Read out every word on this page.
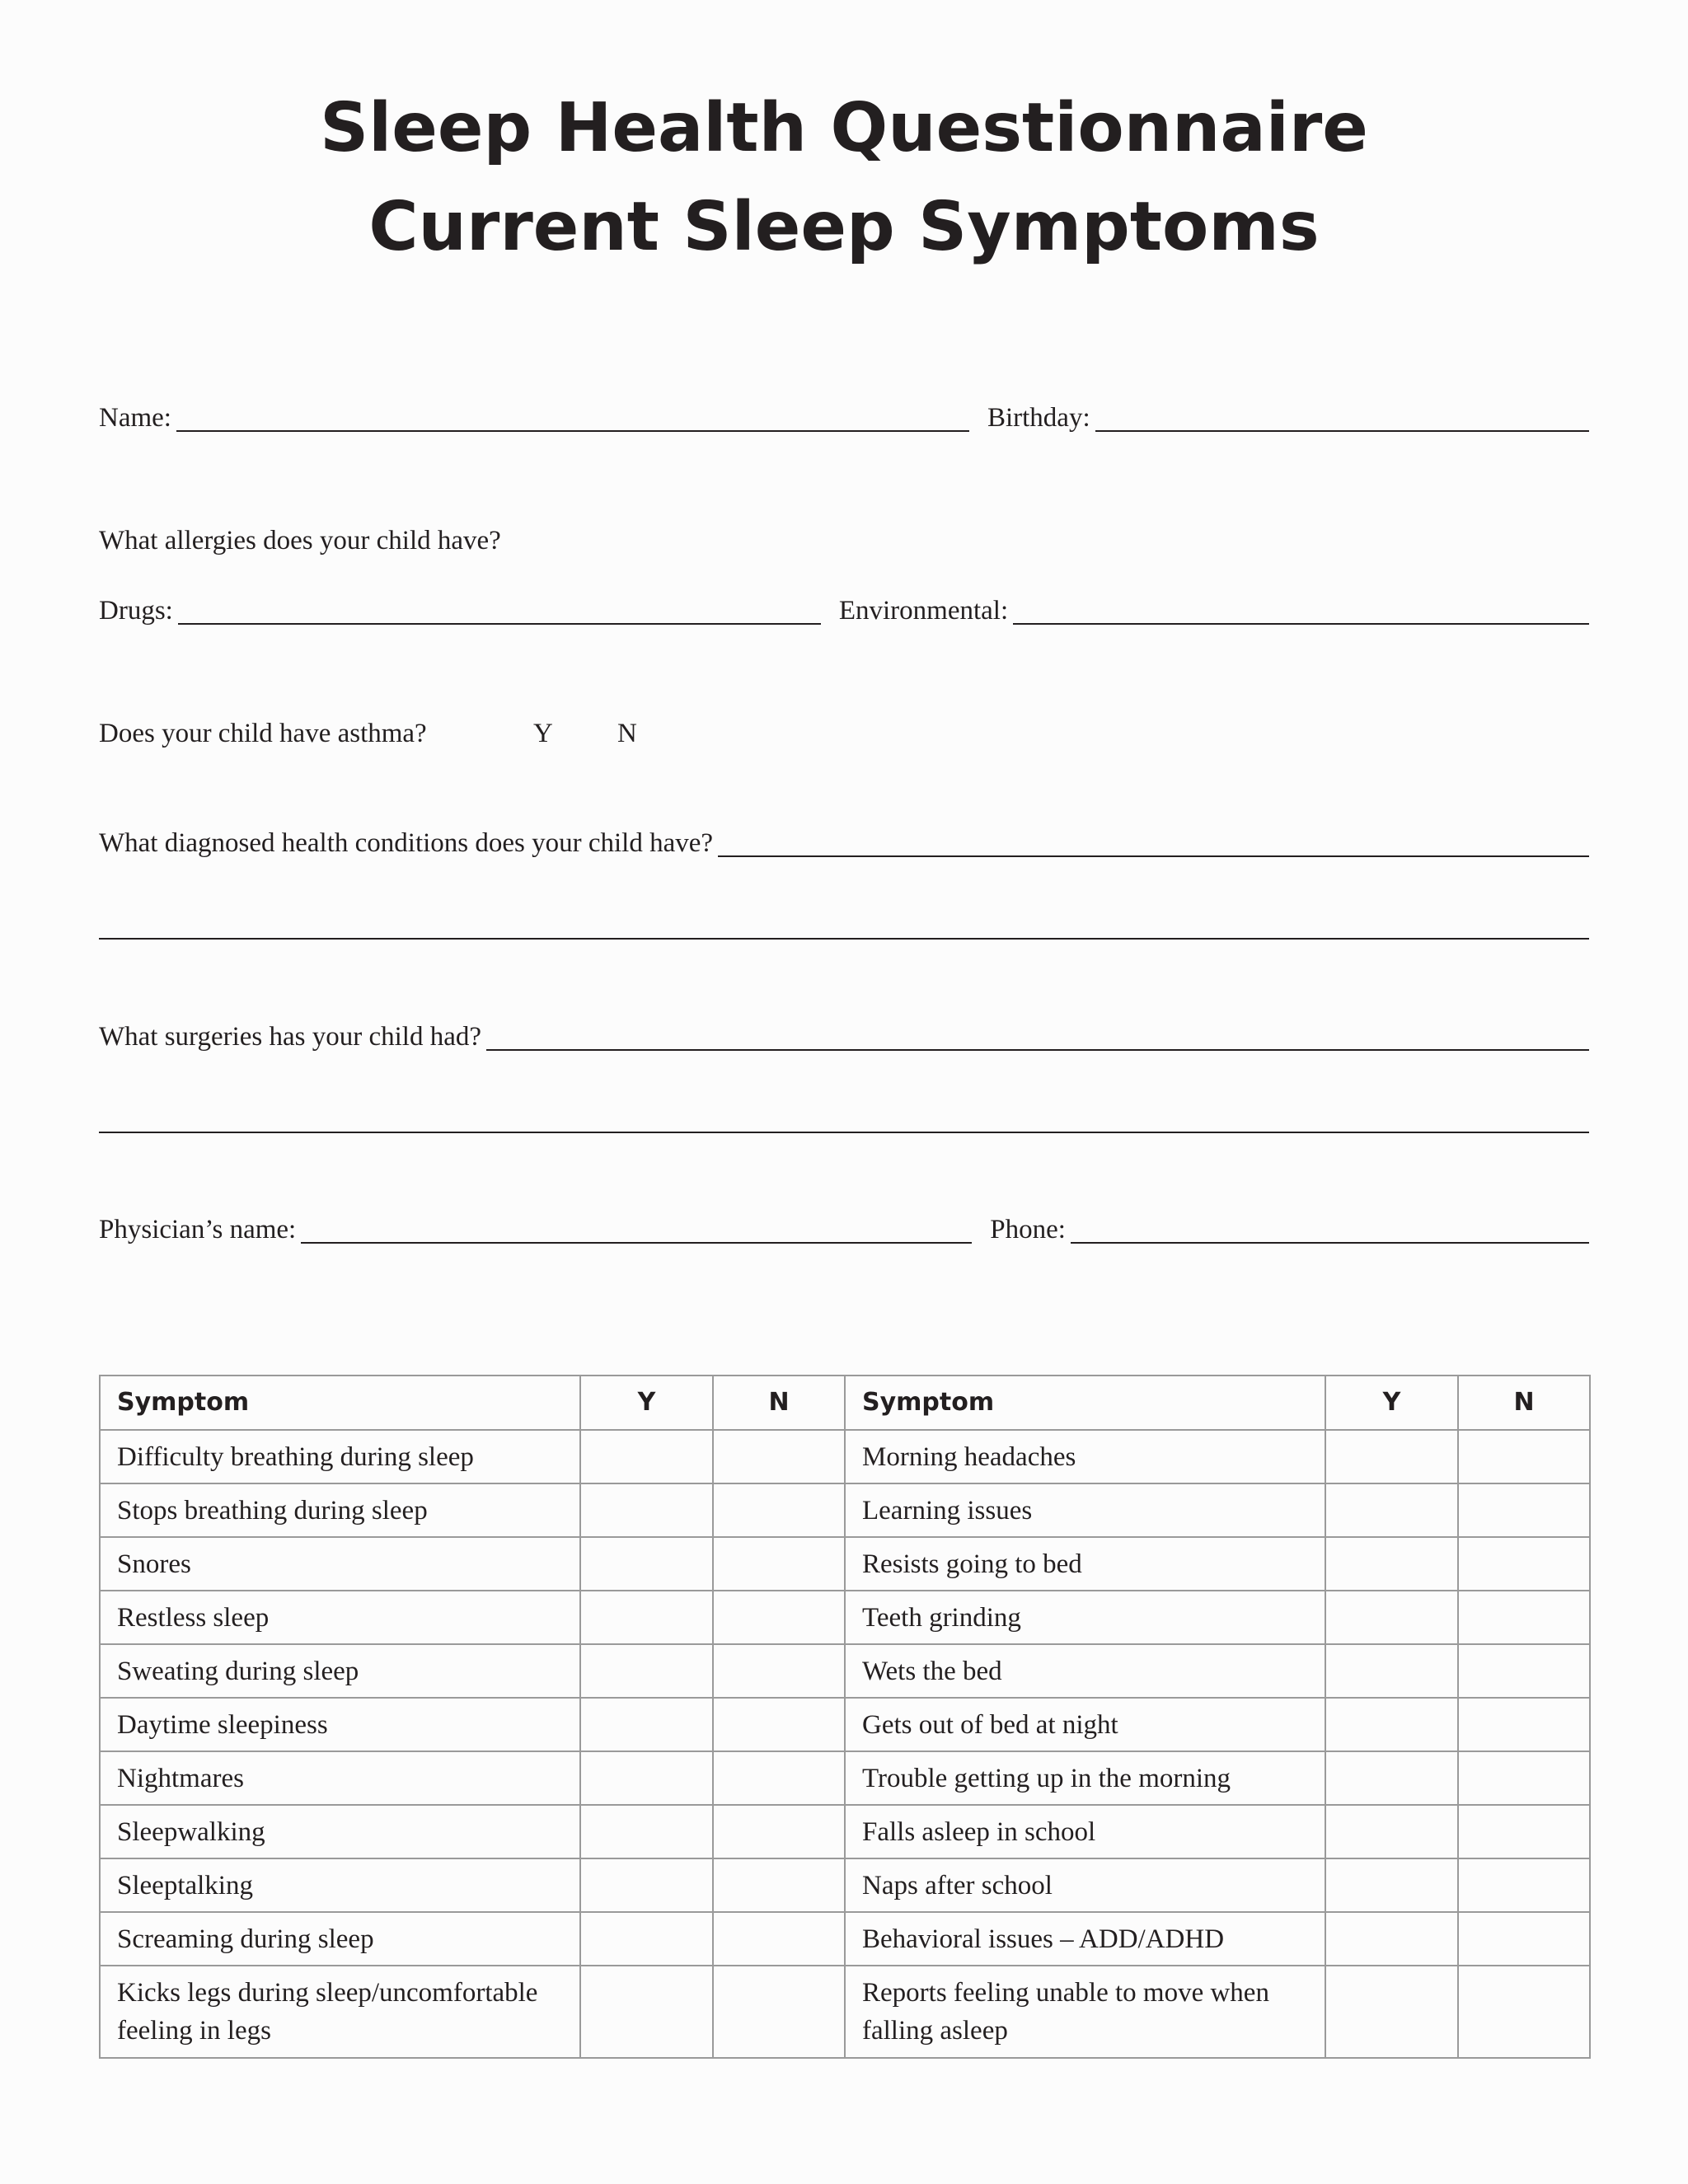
Sleep Health Questionnaire
Current Sleep Symptoms
Name:	Birthday:
What allergies does your child have?
Drugs:	Environmental:
Does your child have asthma?	Y N
What diagnosed health conditions does your child have?
What surgeries has your child had?
Physician’s name:	Phone:
Symptom	Y	N	Symptom	Y	N
Difficulty breathing during sleep			Morning headaches		
Stops breathing during sleep			Learning issues		
Snores			Resists going to bed		
Restless sleep			Teeth grinding		
Sweating during sleep			Wets the bed		
Daytime sleepiness			Gets out of bed at night		
Nightmares			Trouble getting up in the morning		
Sleepwalking			Falls asleep in school		
Sleeptalking			Naps after school		
Screaming during sleep			Behavioral issues – ADD/ADHD		
Kicks legs during sleep/uncomfortable feeling in legs			Reports feeling unable to move when falling asleep		
